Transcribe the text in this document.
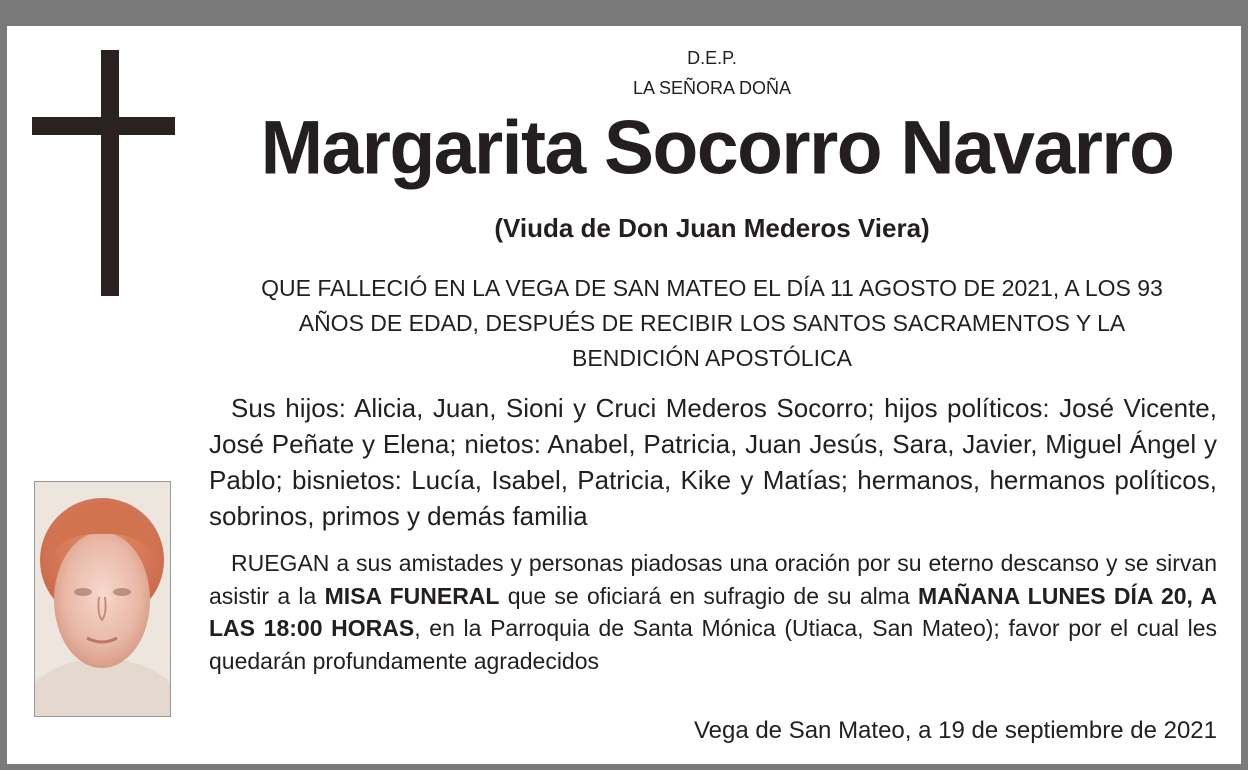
D.E.P.
LA SEÑORA DOÑA
Margarita Socorro Navarro
(Viuda de Don Juan Mederos Viera)
QUE FALLECIÓ EN LA VEGA DE SAN MATEO EL DÍA 11 AGOSTO DE 2021, A LOS 93
AÑOS DE EDAD, DESPUÉS DE RECIBIR LOS SANTOS SACRAMENTOS Y LA
BENDICIÓN APOSTÓLICA
Sus hijos: Alicia, Juan, Sioni y Cruci Mederos Socorro; hijos políticos: José Vicente, José Peñate y Elena; nietos: Anabel, Patricia, Juan Jesús, Sara, Javier, Miguel Ángel y Pablo; bisnietos: Lucía, Isabel, Patricia, Kike y Matías; hermanos, hermanos políticos, sobrinos, primos y demás familia
RUEGAN a sus amistades y personas piadosas una oración por su eterno descanso y se sirvan asistir a la MISA FUNERAL que se oficiará en sufragio de su alma MAÑANA LUNES DÍA 20, A LAS 18:00 HORAS, en la Parroquia de Santa Mónica (Utiaca, San Mateo); favor por el cual les quedarán profundamente agradecidos
Vega de San Mateo, a 19 de septiembre de 2021
